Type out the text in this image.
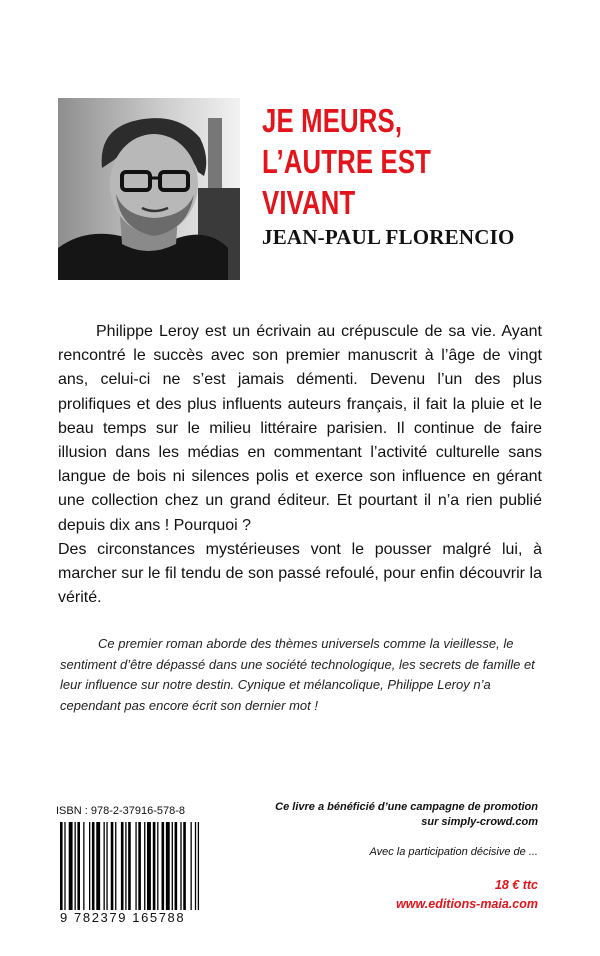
JE MEURS,
L’AUTRE EST VIVANT
JEAN-PAUL FLORENCIO

Philippe Leroy est un écrivain au crépuscule de sa vie. Ayant rencontré le succès avec son premier manuscrit à l’âge de vingt ans, celui-ci ne s’est jamais démenti. Devenu l’un des plus prolifiques et des plus influents auteurs français, il fait la pluie et le beau temps sur le milieu littéraire parisien. Il continue de faire illusion dans les médias en commentant l’activité culturelle sans langue de bois ni silences polis et exerce son influence en gérant une collection chez un grand éditeur. Et pourtant il n’a rien publié depuis dix ans ! Pourquoi ?

Des circonstances mystérieuses vont le pousser malgré lui, à marcher sur le fil tendu de son passé refoulé, pour enfin découvrir la vérité.

Ce premier roman aborde des thèmes universels comme la vieillesse, le sentiment d’être dépassé dans une société technologique, les secrets de famille et leur influence sur notre destin. Cynique et mélancolique, Philippe Leroy n’a cependant pas encore écrit son dernier mot !
ISBN : 978-2-37916-578-8
9 782379 165788
Ce livre a bénéficié d’une campagne de promotion
sur simply-crowd.com
Avec la participation décisive de ...
18 € ttc
www.editions-maia.com
